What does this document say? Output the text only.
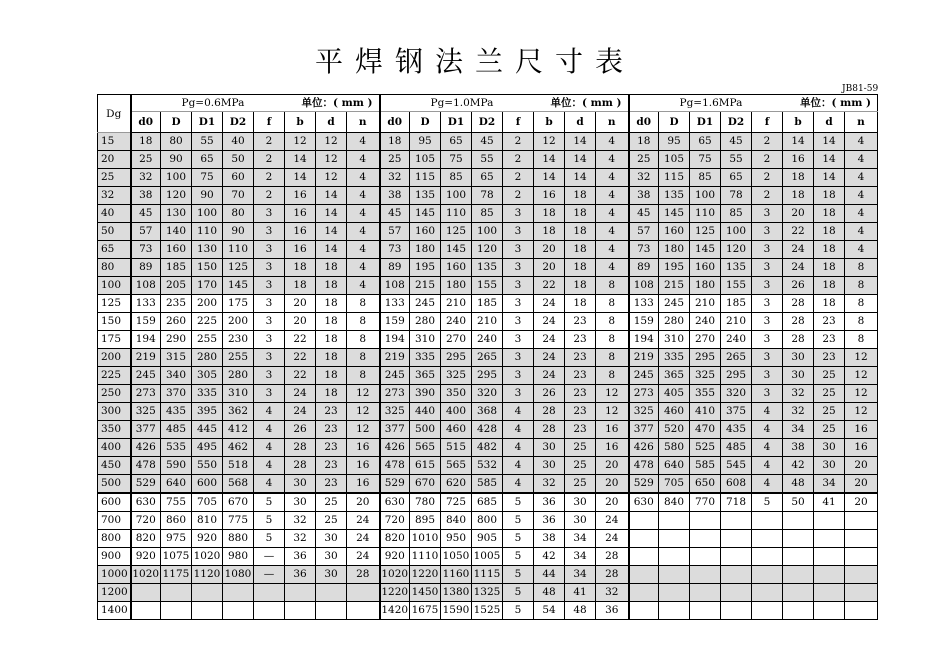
平焊钢法兰尺寸表
JB81-59
Dg	Pg=0.6MPa 单位：( mm )								Pg=1.0MPa 单位：( mm )								Pg=1.6MPa 单位：( mm )							

	d0	D	D1	D2	f	b	d	n	d0	D	D1	D2	f	b	d	n	d0	D	D1	D2	f	b	d	n
15	18	80	55	40	2	12	12	4	18	95	65	45	2	12	14	4	18	95	65	45	2	14	14	4
20	25	90	65	50	2	14	12	4	25	105	75	55	2	14	14	4	25	105	75	55	2	16	14	4
25	32	100	75	60	2	14	12	4	32	115	85	65	2	14	14	4	32	115	85	65	2	18	14	4
32	38	120	90	70	2	16	14	4	38	135	100	78	2	16	18	4	38	135	100	78	2	18	18	4
40	45	130	100	80	3	16	14	4	45	145	110	85	3	18	18	4	45	145	110	85	3	20	18	4
50	57	140	110	90	3	16	14	4	57	160	125	100	3	18	18	4	57	160	125	100	3	22	18	4
65	73	160	130	110	3	16	14	4	73	180	145	120	3	20	18	4	73	180	145	120	3	24	18	4
80	89	185	150	125	3	18	18	4	89	195	160	135	3	20	18	4	89	195	160	135	3	24	18	8
100	108	205	170	145	3	18	18	4	108	215	180	155	3	22	18	8	108	215	180	155	3	26	18	8
125	133	235	200	175	3	20	18	8	133	245	210	185	3	24	18	8	133	245	210	185	3	28	18	8
150	159	260	225	200	3	20	18	8	159	280	240	210	3	24	23	8	159	280	240	210	3	28	23	8
175	194	290	255	230	3	22	18	8	194	310	270	240	3	24	23	8	194	310	270	240	3	28	23	8
200	219	315	280	255	3	22	18	8	219	335	295	265	3	24	23	8	219	335	295	265	3	30	23	12
225	245	340	305	280	3	22	18	8	245	365	325	295	3	24	23	8	245	365	325	295	3	30	25	12
250	273	370	335	310	3	24	18	12	273	390	350	320	3	26	23	12	273	405	355	320	3	32	25	12
300	325	435	395	362	4	24	23	12	325	440	400	368	4	28	23	12	325	460	410	375	4	32	25	12
350	377	485	445	412	4	26	23	12	377	500	460	428	4	28	23	16	377	520	470	435	4	34	25	16
400	426	535	495	462	4	28	23	16	426	565	515	482	4	30	25	16	426	580	525	485	4	38	30	16
450	478	590	550	518	4	28	23	16	478	615	565	532	4	30	25	20	478	640	585	545	4	42	30	20
500	529	640	600	568	4	30	23	16	529	670	620	585	4	32	25	20	529	705	650	608	4	48	34	20
600	630	755	705	670	5	30	25	20	630	780	725	685	5	36	30	20	630	840	770	718	5	50	41	20
700	720	860	810	775	5	32	25	24	720	895	840	800	5	36	30	24								
800	820	975	920	880	5	32	30	24	820	1010	950	905	5	38	34	24								
900	920	1075	1020	980	—	36	30	24	920	1110	1050	1005	5	42	34	28								
1000	1020	1175	1120	1080	—	36	30	28	1020	1220	1160	1115	5	44	34	28								
1200									1220	1450	1380	1325	5	48	41	32								
1400									1420	1675	1590	1525	5	54	48	36								
